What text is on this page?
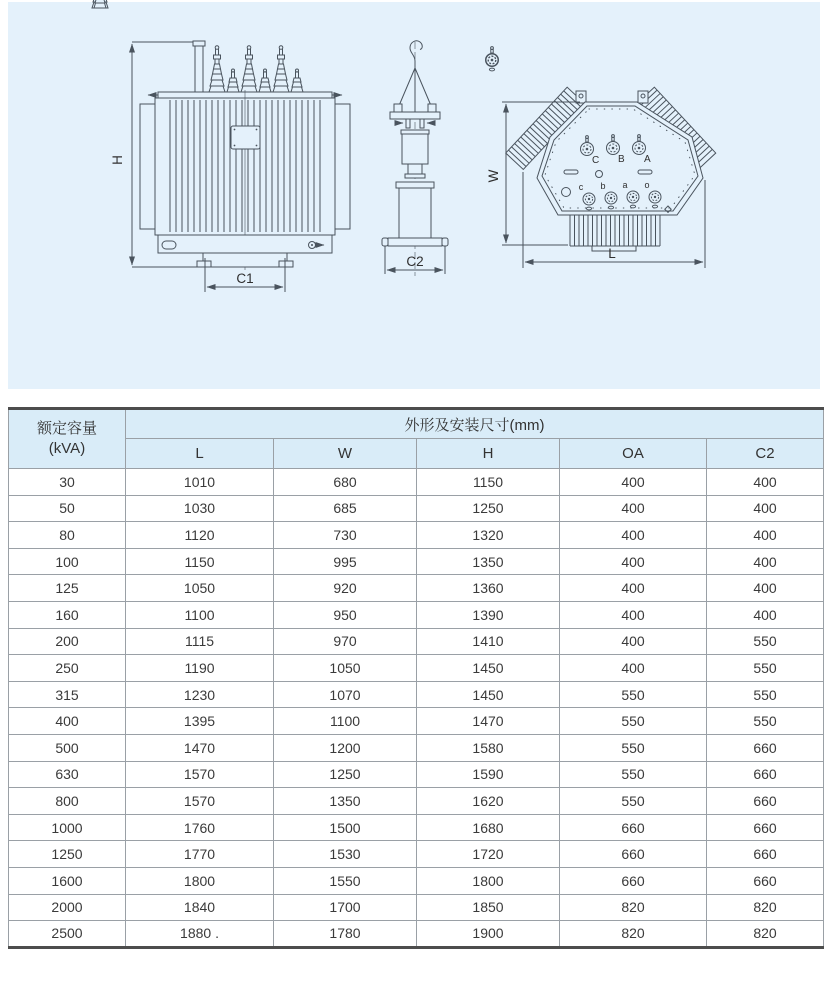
H
C1
C2
C B A
c b a o
W
L
额定容量
(kVA)	外形及安装尺寸(mm)				
	L	W	H	OA	C2
30	1010	680	1150	400	400
50	1030	685	1250	400	400
80	1120	730	1320	400	400
100	1150	995	1350	400	400
125	1050	920	1360	400	400
160	1100	950	1390	400	400
200	1115	970	1410	400	550
250	1190	1050	1450	400	550
315	1230	1070	1450	550	550
400	1395	1100	1470	550	550
500	1470	1200	1580	550	660
630	1570	1250	1590	550	660
800	1570	1350	1620	550	660
1000	1760	1500	1680	660	660
1250	1770	1530	1720	660	660
1600	1800	1550	1800	660	660
2000	1840	1700	1850	820	820
2500	1880 .	1780	1900	820	820
